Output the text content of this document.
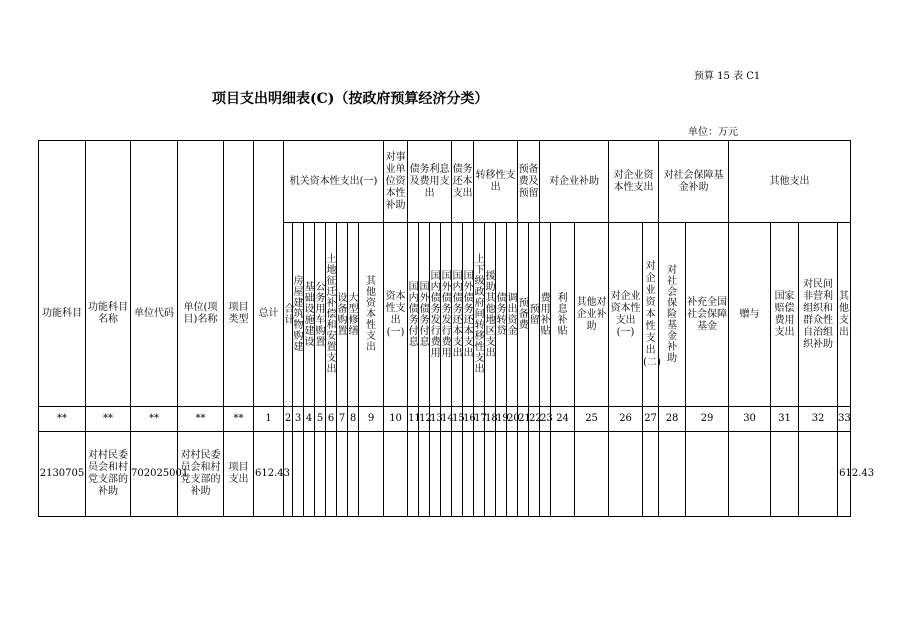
预算 15 表 C1
项目支出明细表(C)（按政府预算经济分类）
单位：万元

						机关资本性支出(一)								对事业单位资本性补助	债务利息及费用支出				债务还本支出		转移性支出				预备费及预留		对企业补助			对企业资本性支出		对社会保障基金补助		其他支出			

功能科目	功能科目名称	单位代码	单位(项目)名称	项目类型	总计	合计	房屋建筑物购建	基础设施建设	公务用车购置	土地征迁补偿和安置支出	设备购置	大型修缮	其他资本性支出	资本性支出(一)	国内债务付息	国外债务付息	国内债务发行费用	国外债务发行费用	国内债务还本支出	国外债务还本支出	上下级政府间转移性支出	援助其他地区支出	债务转贷	调出资金	预备费	预留	费用补贴	利息补贴	其他对企业补助	对企业资本性支出(一)	对企业资本性支出(二)	对社会保险基金补助	补充全国社会保障基金	赠与	国家赔偿费用支出	对民间非营利组织和群众性自治组织补助	其他支出

**	**	**	**	**	1	2	3	4	5	6	7	8	9	10	11	12	13	14	15	16	17	18	19	20	21	22	23	24	25	26	27	28	29	30	31	32	33
2130705	对村民委员会和村党支部的补助	702025001	对村民委员会和村党支部的补助	项目支出	612.43																																612.43
